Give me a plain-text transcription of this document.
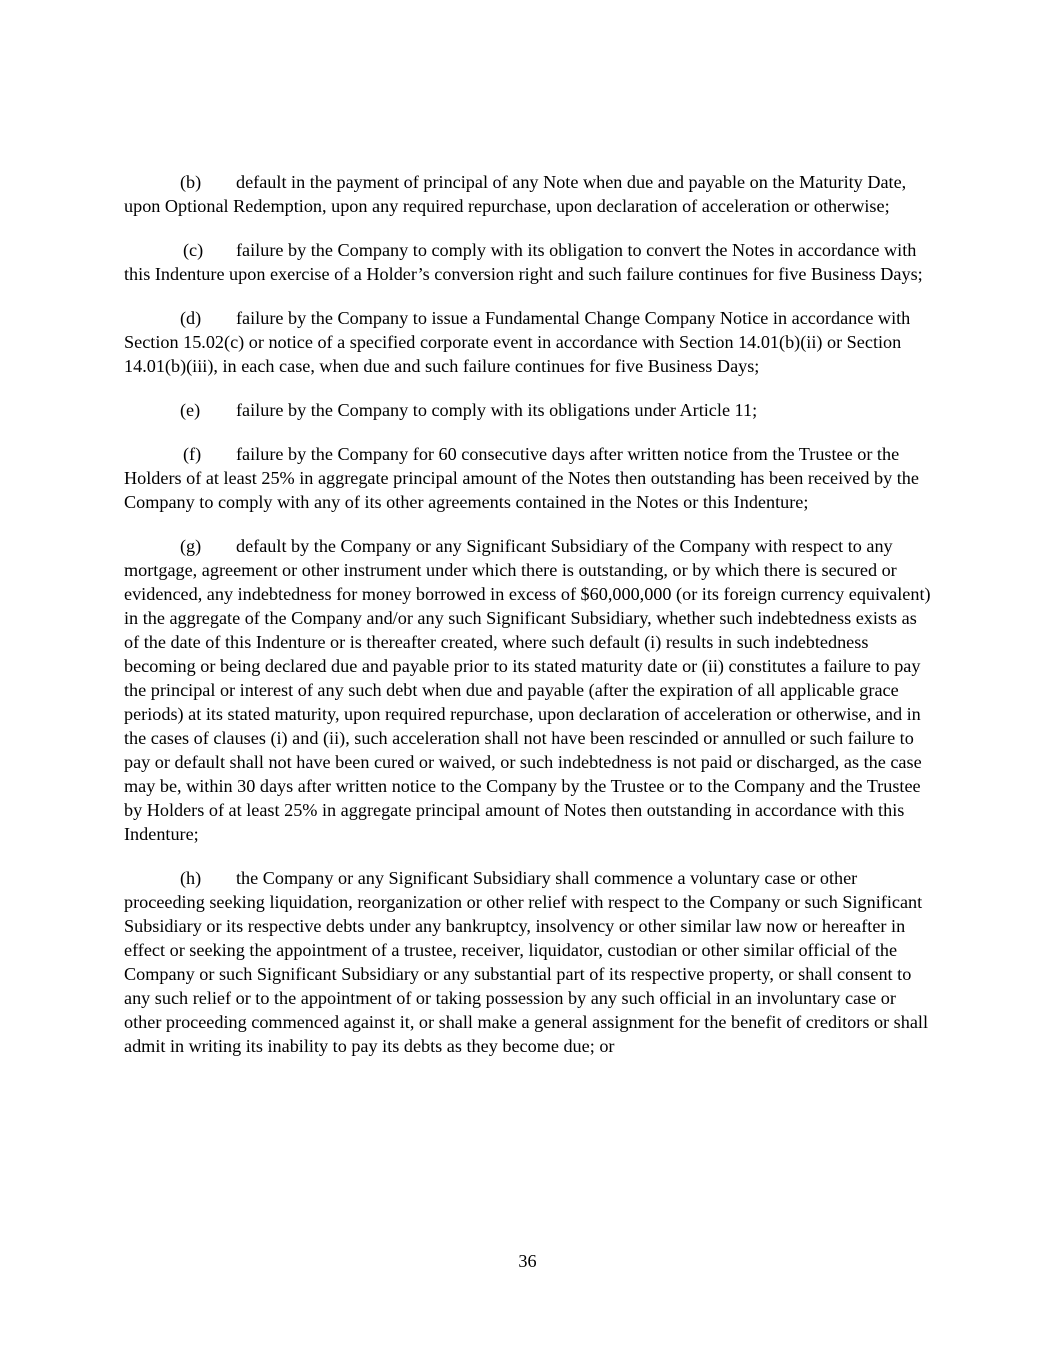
(b) default in the payment of principal of any Note when due and payable on the Maturity Date, upon Optional Redemption, upon any required repurchase, upon declaration of acceleration or otherwise;

(c) failure by the Company to comply with its obligation to convert the Notes in accordance with this Indenture upon exercise of a Holder’s conversion right and such failure continues for five Business Days;

(d) failure by the Company to issue a Fundamental Change Company Notice in accordance with Section 15.02(c) or notice of a specified corporate event in accordance with Section 14.01(b)(ii) or Section 14.01(b)(iii), in each case, when due and such failure continues for five Business Days;

(e) failure by the Company to comply with its obligations under Article 11;

(f) failure by the Company for 60 consecutive days after written notice from the Trustee or the Holders of at least 25% in aggregate principal amount of the Notes then outstanding has been received by the Company to comply with any of its other agreements contained in the Notes or this Indenture;

(g) default by the Company or any Significant Subsidiary of the Company with respect to any mortgage, agreement or other instrument under which there is outstanding, or by which there is secured or evidenced, any indebtedness for money borrowed in excess of $60,000,000 (or its foreign currency equivalent) in the aggregate of the Company and/or any such Significant Subsidiary, whether such indebtedness exists as of the date of this Indenture or is thereafter created, where such default (i) results in such indebtedness becoming or being declared due and payable prior to its stated maturity date or (ii) constitutes a failure to pay the principal or interest of any such debt when due and payable (after the expiration of all applicable grace periods) at its stated maturity, upon required repurchase, upon declaration of acceleration or otherwise, and in the cases of clauses (i) and (ii), such acceleration shall not have been rescinded or annulled or such failure to pay or default shall not have been cured or waived, or such indebtedness is not paid or discharged, as the case may be, within 30 days after written notice to the Company by the Trustee or to the Company and the Trustee by Holders of at least 25% in aggregate principal amount of Notes then outstanding in accordance with this Indenture;

(h) the Company or any Significant Subsidiary shall commence a voluntary case or other proceeding seeking liquidation, reorganization or other relief with respect to the Company or such Significant Subsidiary or its respective debts under any bankruptcy, insolvency or other similar law now or hereafter in effect or seeking the appointment of a trustee, receiver, liquidator, custodian or other similar official of the Company or such Significant Subsidiary or any substantial part of its respective property, or shall consent to any such relief or to the appointment of or taking possession by any such official in an involuntary case or other proceeding commenced against it, or shall make a general assignment for the benefit of creditors or shall admit in writing its inability to pay its debts as they become due; or

36
